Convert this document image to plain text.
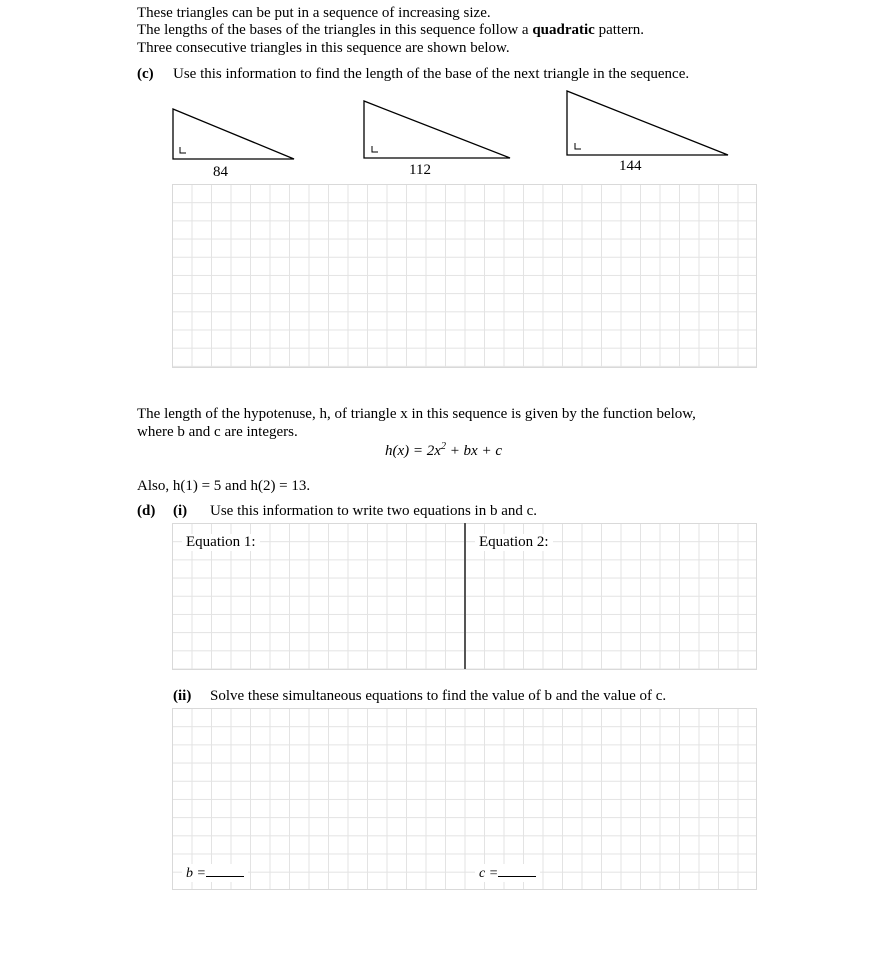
These triangles can be put in a sequence of increasing size.
The lengths of the bases of the triangles in this sequence follow a quadratic pattern.
Three consecutive triangles in this sequence are shown below.
(c) Use this information to find the length of the base of the next triangle in the sequence.
84	112	144
The length of the hypotenuse, h, of triangle x in this sequence is given by the function below,
where b and c are integers.
$h(x) = 2x^2$ + bx + c
Also, h(1) = 5 and h(2) = 13.
(d) (i) Use this information to write two equations in b and c.
Equation 1:	Equation 2:
(ii) Solve these simultaneous equations to find the value of b and the value of c.
b =	c =
